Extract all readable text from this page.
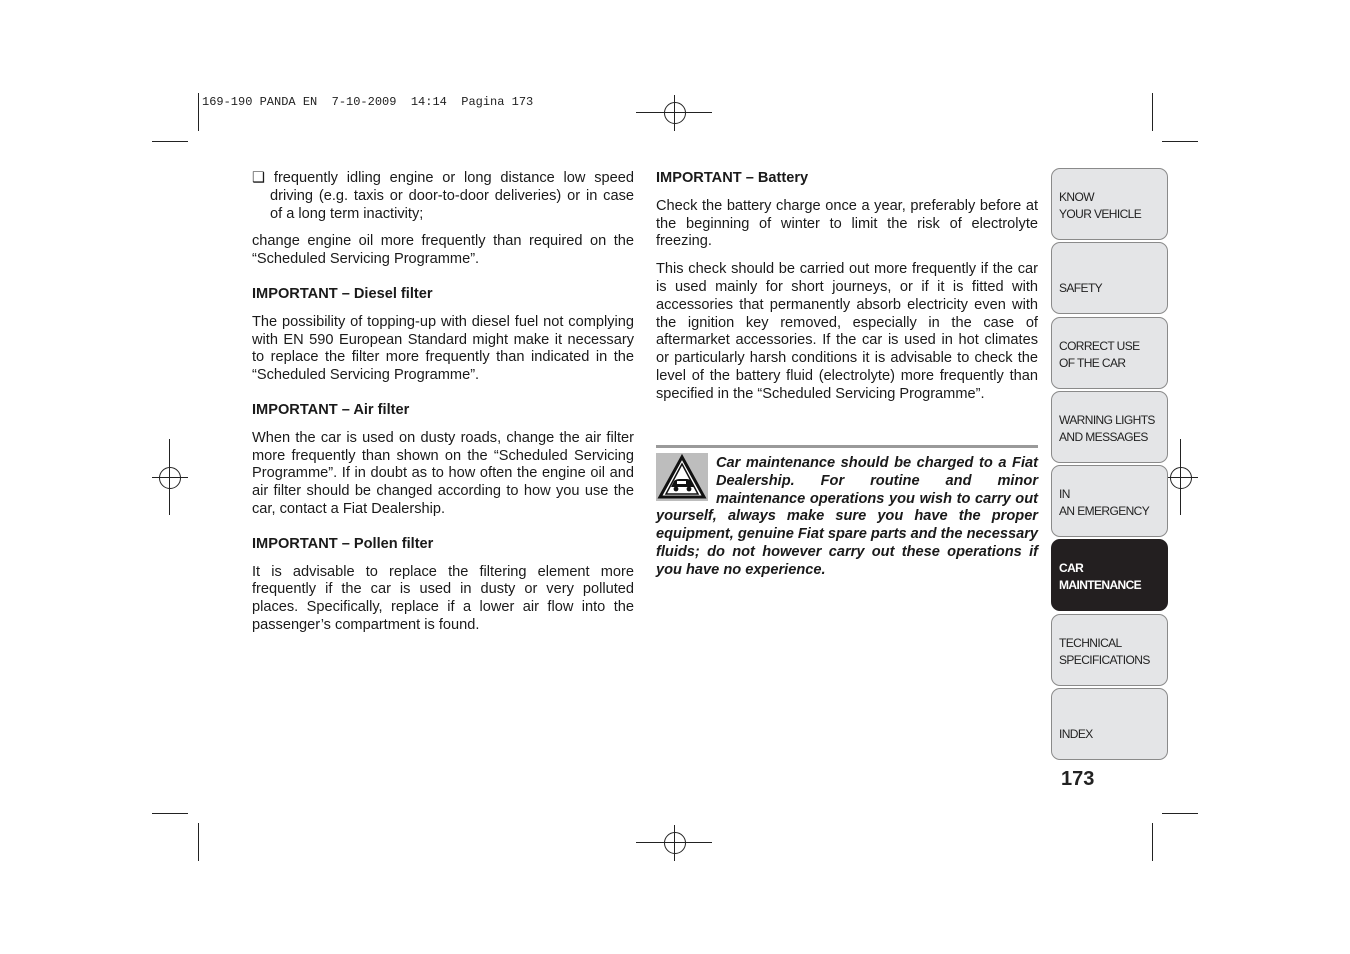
169-190 PANDA EN  7-10-2009  14:14  Pagina 173

❑ frequently idling engine or long distance low speed driving (e.g. taxis or door-to-door deliveries) or in case of a long term inactivity;

change engine oil more frequently than required on the “Scheduled Servicing Programme”.

IMPORTANT – Diesel filter

The possibility of topping-up with diesel fuel not complying with EN 590 European Standard might make it necessary to replace the filter more frequently than indicated in the “Scheduled Servicing Programme”.

IMPORTANT – Air filter

When the car is used on dusty roads, change the air filter more frequently than shown on the “Scheduled Servicing Programme”. If in doubt as to how often the engine oil and air filter should be changed according to how you use the car, contact a Fiat Dealership.

IMPORTANT – Pollen filter

It is advisable to replace the filtering element more frequently if the car is used in dusty or very polluted places. Specifically, replace if a lower air flow into the passenger’s compartment is found.

IMPORTANT – Battery

Check the battery charge once a year, preferably before at the beginning of winter to limit the risk of electrolyte freezing.

This check should be carried out more frequently if the car is used mainly for short journeys, or if it is fitted with accessories that permanently absorb electricity even with the ignition key removed, especially in the case of aftermarket accessories. If the car is used in hot climates or particularly harsh conditions it is advisable to check the level of the battery fluid (electrolyte) more frequently than specified in the “Scheduled Servicing Programme”.

Car maintenance should be charged to a Fiat Dealership. For routine and minor maintenance operations you wish to carry out yourself, always make sure you have the proper equipment, genuine Fiat spare parts and the necessary fluids; do not however carry out these operations if you have no experience.
KNOW
YOUR VEHICLE
SAFETY
CORRECT USE
OF THE CAR
WARNING LIGHTS
AND MESSAGES
IN
AN EMERGENCY
CAR
MAINTENANCE
TECHNICAL
SPECIFICATIONS
INDEX
173
